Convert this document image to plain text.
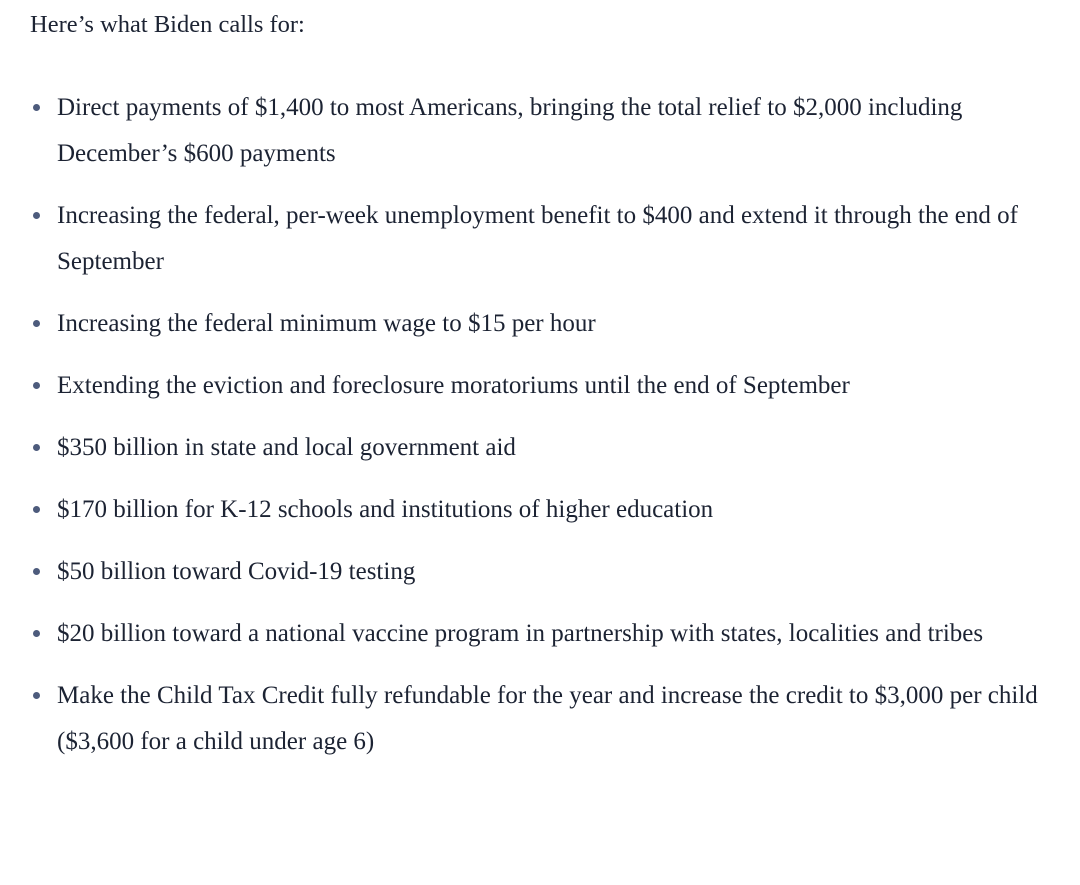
Here’s what Biden calls for:

Direct payments of $1,400 to most Americans, bringing the total relief to $2,000 including December’s $600 payments
Increasing the federal, per-week unemployment benefit to $400 and extend it through the end of September
Increasing the federal minimum wage to $15 per hour
Extending the eviction and foreclosure moratoriums until the end of September
$350 billion in state and local government aid
$170 billion for K-12 schools and institutions of higher education
$50 billion toward Covid-19 testing
$20 billion toward a national vaccine program in partnership with states, localities and tribes
Make the Child Tax Credit fully refundable for the year and increase the credit to $3,000 per child ($3,600 for a child under age 6)
